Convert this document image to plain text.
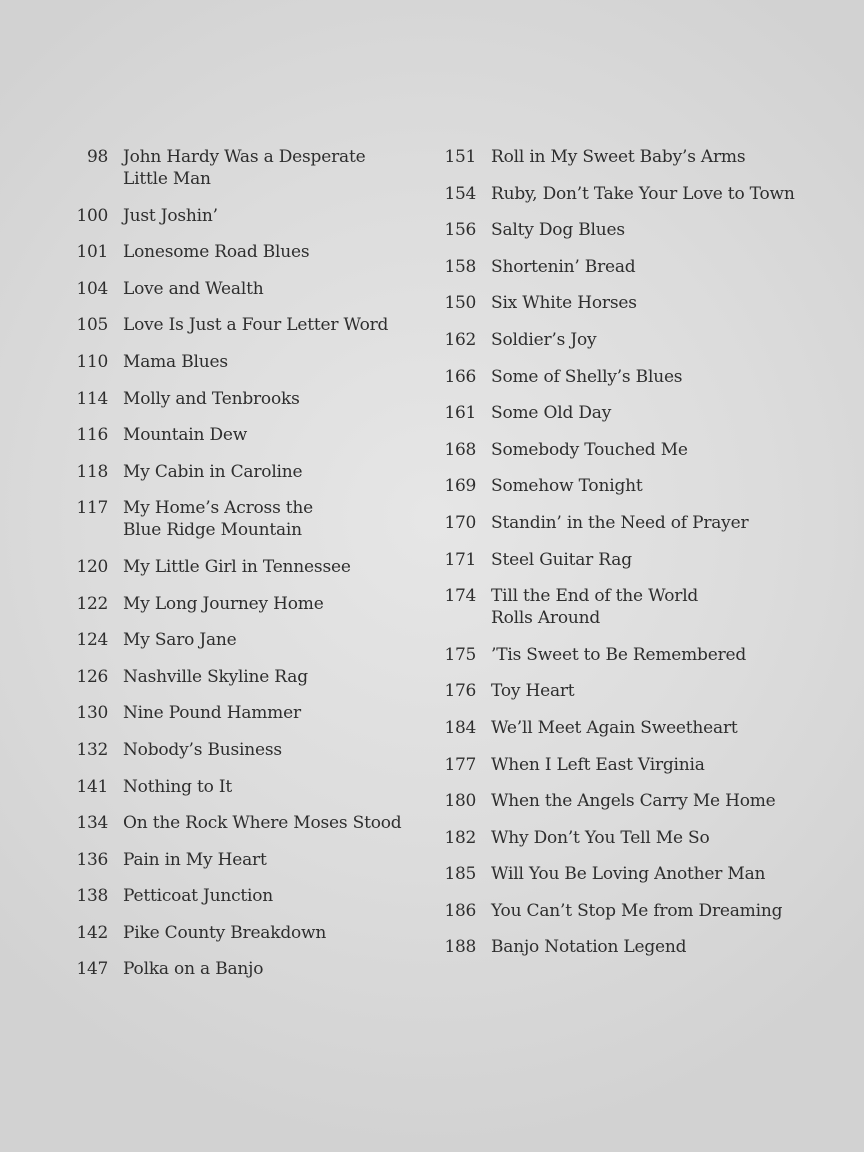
98 John Hardy Was a Desperate
Little Man
100 Just Joshin’
101 Lonesome Road Blues
104 Love and Wealth
105 Love Is Just a Four Letter Word
110 Mama Blues
114 Molly and Tenbrooks
116 Mountain Dew
118 My Cabin in Caroline
117 My Home’s Across the
Blue Ridge Mountain
120 My Little Girl in Tennessee
122 My Long Journey Home
124 My Saro Jane
126 Nashville Skyline Rag
130 Nine Pound Hammer
132 Nobody’s Business
141 Nothing to It
134 On the Rock Where Moses Stood
136 Pain in My Heart
138 Petticoat Junction
142 Pike County Breakdown
147 Polka on a Banjo
151 Roll in My Sweet Baby’s Arms
154 Ruby, Don’t Take Your Love to Town
156 Salty Dog Blues
158 Shortenin’ Bread
150 Six White Horses
162 Soldier’s Joy
166 Some of Shelly’s Blues
161 Some Old Day
168 Somebody Touched Me
169 Somehow Tonight
170 Standin’ in the Need of Prayer
171 Steel Guitar Rag
174 Till the End of the World
Rolls Around
175 ’Tis Sweet to Be Remembered
176 Toy Heart
184 We’ll Meet Again Sweetheart
177 When I Left East Virginia
180 When the Angels Carry Me Home
182 Why Don’t You Tell Me So
185 Will You Be Loving Another Man
186 You Can’t Stop Me from Dreaming
188 Banjo Notation Legend
